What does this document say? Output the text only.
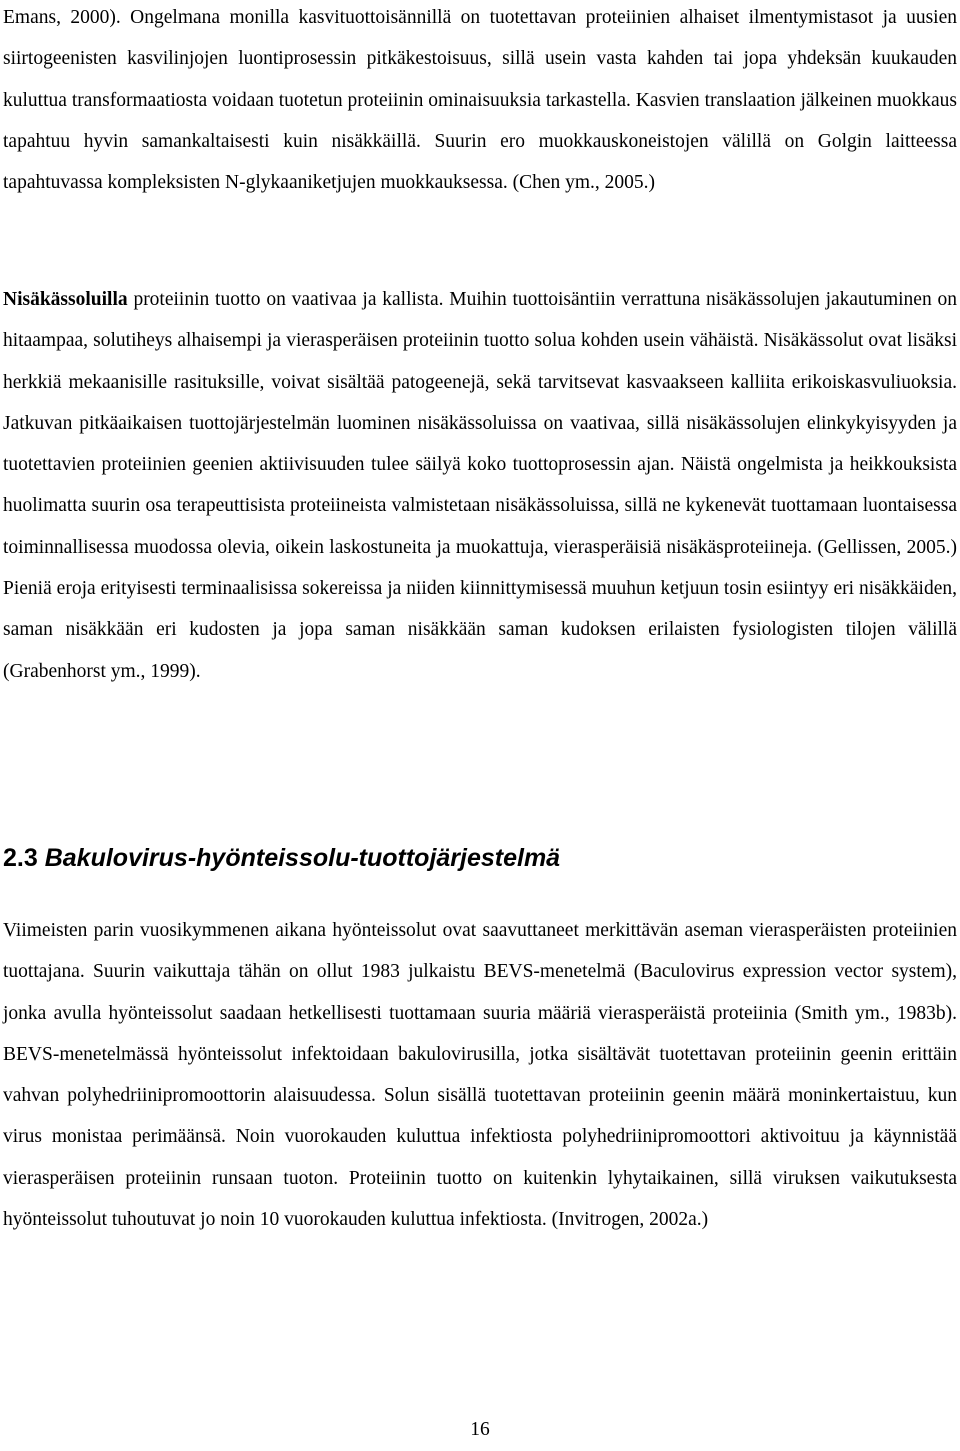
Emans, 2000). Ongelmana monilla kasvituottoisännillä on tuotettavan proteiinien alhaiset ilmentymistasot ja uusien siirtogeenisten kasvilinjojen luontiprosessin pitkäkestoisuus, sillä usein vasta kahden tai jopa yhdeksän kuukauden kuluttua transformaatiosta voidaan tuotetun proteiinin ominaisuuksia tarkastella. Kasvien translaation jälkeinen muokkaus tapahtuu hyvin samankaltaisesti kuin nisäkkäillä. Suurin ero muokkauskoneistojen välillä on Golgin laitteessa tapahtuvassa kompleksisten N-glykaaniketjujen muokkauksessa. (Chen ym., 2005.)

Nisäkässoluilla proteiinin tuotto on vaativaa ja kallista. Muihin tuottoisäntiin verrattuna nisäkässolujen jakautuminen on hitaampaa, solutiheys alhaisempi ja vierasperäisen proteiinin tuotto solua kohden usein vähäistä. Nisäkässolut ovat lisäksi herkkiä mekaanisille rasituksille, voivat sisältää patogeenejä, sekä tarvitsevat kasvaakseen kalliita erikoiskasvuliuoksia. Jatkuvan pitkäaikaisen tuottojärjestelmän luominen nisäkässoluissa on vaativaa, sillä nisäkässolujen elinkykyisyyden ja tuotettavien proteiinien geenien aktiivisuuden tulee säilyä koko tuottoprosessin ajan. Näistä ongelmista ja heikkouksista huolimatta suurin osa terapeuttisista proteiineista valmistetaan nisäkässoluissa, sillä ne kykenevät tuottamaan luontaisessa toiminnallisessa muodossa olevia, oikein laskostuneita ja muokattuja, vierasperäisiä nisäkäsproteiineja. (Gellissen, 2005.) Pieniä eroja erityisesti terminaalisissa sokereissa ja niiden kiinnittymisessä muuhun ketjuun tosin esiintyy eri nisäkkäiden, saman nisäkkään eri kudosten ja jopa saman nisäkkään saman kudoksen erilaisten fysiologisten tilojen välillä (Grabenhorst ym., 1999).

2.3 Bakulovirus-hyönteissolu-tuottojärjestelmä

Viimeisten parin vuosikymmenen aikana hyönteissolut ovat saavuttaneet merkittävän aseman vierasperäisten proteiinien tuottajana. Suurin vaikuttaja tähän on ollut 1983 julkaistu BEVS-menetelmä (Baculovirus expression vector system), jonka avulla hyönteissolut saadaan hetkellisesti tuottamaan suuria määriä vierasperäistä proteiinia (Smith ym., 1983b). BEVS-menetelmässä hyönteissolut infektoidaan bakulovirusilla, jotka sisältävät tuotettavan proteiinin geenin erittäin vahvan polyhedriinipromoottorin alaisuudessa. Solun sisällä tuotettavan proteiinin geenin määrä moninkertaistuu, kun virus monistaa perimäänsä. Noin vuorokauden kuluttua infektiosta polyhedriinipromoottori aktivoituu ja käynnistää vierasperäisen proteiinin runsaan tuoton. Proteiinin tuotto on kuitenkin lyhytaikainen, sillä viruksen vaikutuksesta hyönteissolut tuhoutuvat jo noin 10 vuorokauden kuluttua infektiosta. (Invitrogen, 2002a.)

16
